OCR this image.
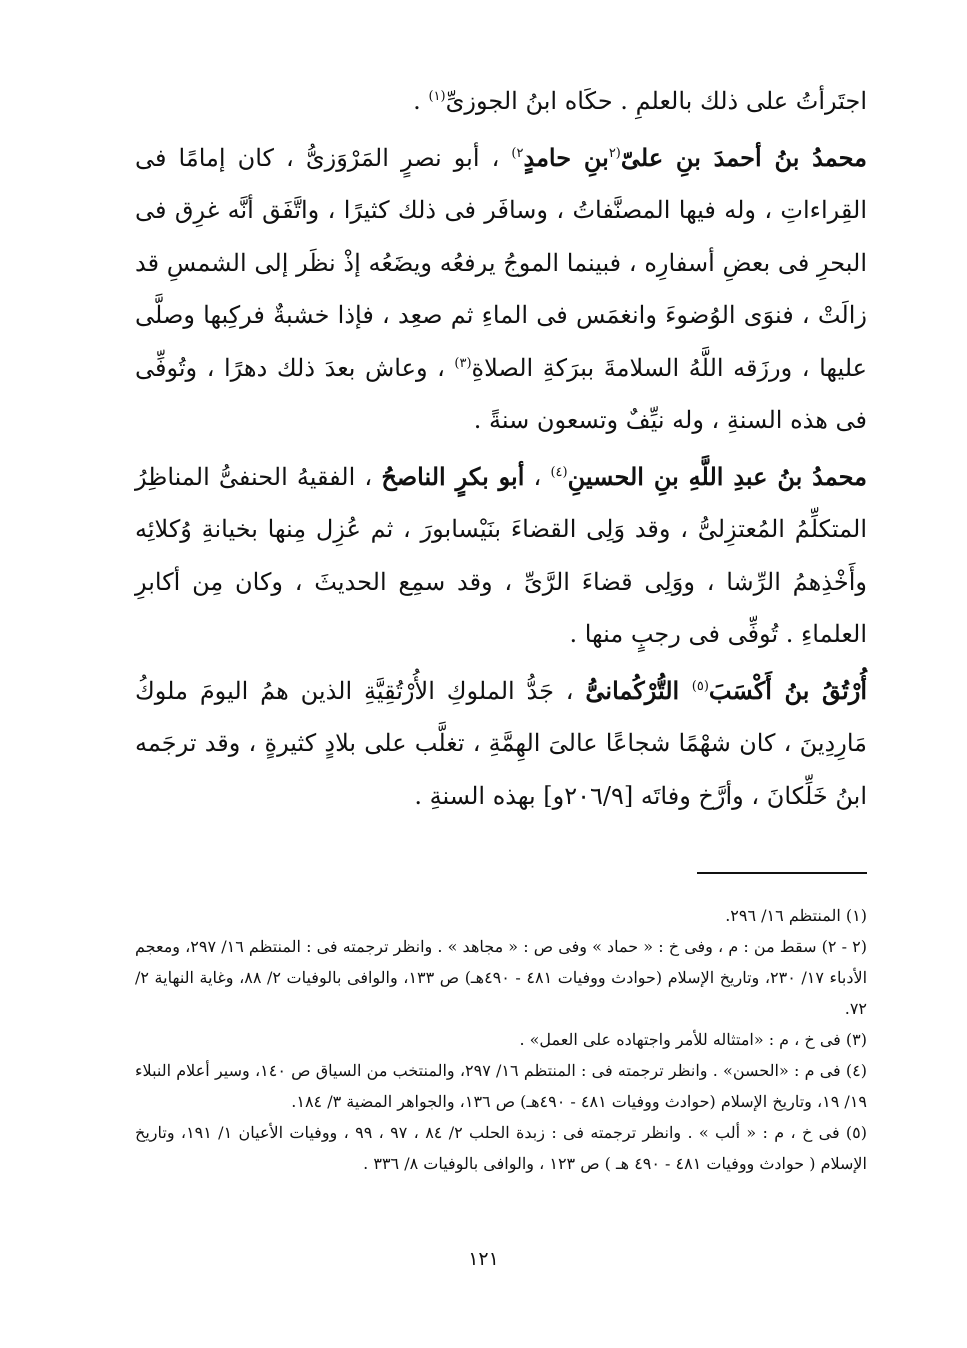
اجتَرأتُ على ذلك بالعلمِ . حكَاه ابنُ الجوزىِّ$^{(١)}$ .

محمدُ بنُ أحمدَ بنِ علىّ$^{(٢}$بنِ حامدٍ$^{٢)}$ ، أبو نصرٍ المَرْوَزىُّ ، كان إمامًا فى القِراءاتِ ، وله فيها المصنَّفاتُ ، وسافَر فى ذلك كثيرًا ، واتَّفَق أنَّه غرِق فى البحرِ فى بعضِ أسفارِه ، فبينما الموجُ يرفعُه ويضَعُه إذْ نظَر إلى الشمسِ قد زالَتْ ، فنوَى الوُضوءَ وانغمَس فى الماءِ ثم صعِد ، فإذا خشبةٌ فركِبها وصلَّى عليها ، ورزَقه اللَّهُ السلامةَ ببرَكةِ الصلاةِ$^{(٣)}$ ، وعاش بعدَ ذلك دهرًا ، وتُوفِّى فى هذه السنةِ ، وله نيِّفٌ وتسعون سنةً .

محمدُ بنُ عبدِ اللَّهِ بنِ الحسينِ$^{(٤)}$ ، أبو بكرٍ الناصحُ ، الفقيهُ الحنفىُّ المناظِرُ المتكلِّمُ المُعتزِلىُّ ، وقد وَلِى القضاءَ بنَيْسابورَ ، ثم عُزِل مِنها بخيانةِ وُكلائِه وأَخْذِهمُ الرِّشا ، ووَلِى قضاءَ الرَّىِّ ، وقد سمِع الحديثَ ، وكان مِن أكابرِ العلماءِ . تُوفِّى فى رجبٍ منها .

أُرْتُقُ بنُ أَكْسَبَ$^{(٥)}$ التُّرْكُمانىُّ ، جَدُّ الملوكِ الأُرْتُقِيَّةِ الذين همُ اليومَ ملوكُ مَارِدِينَ ، كان شهْمًا شجاعًا عالىَ الهِمَّةِ ، تغلَّب على بلادٍ كثيرةٍ ، وقد ترجَمه ابنُ خَلِّكانَ ، وأرَّخ وفاتَه [٢٠٦/٩و] بهذه السنةِ .

(١) المنتظم ١٦/ ٢٩٦.

(٢ - ٢) سقط من : م ، وفى خ : « حماد » وفى ص : « مجاهد » . وانظر ترجمته فى : المنتظم ١٦/ ٢٩٧، ومعجم الأدباء ١٧/ ٢٣٠، وتاريخ الإسلام (حوادث ووفيات ٤٨١ - ٤٩٠هـ) ص ١٣٣، والوافى بالوفيات ٢/ ٨٨، وغاية النهاية ٢/ ٧٢.

(٣) فى خ ، م : «امتثاله للأمر واجتهاده على العمل» .

(٤) فى م : «الحسن» . وانظر ترجمته فى : المنتظم ١٦/ ٢٩٧، والمنتخب من السياق ص ١٤٠، وسير أعلام النبلاء ١٩/ ١٩، وتاريخ الإسلام (حوادث ووفيات ٤٨١ - ٤٩٠هـ) ص ١٣٦، والجواهر المضية ٣/ ١٨٤.

(٥) فى خ ، م : « ألب » . وانظر ترجمته فى : زبدة الحلب ٢/ ٨٤ ، ٩٧ ، ٩٩ ، ووفيات الأعيان ١/ ١٩١، وتاريخ الإسلام ( حوادث ووفيات ٤٨١ - ٤٩٠ هـ ) ص ١٢٣ ، والوافى بالوفيات ٨/ ٣٣٦ .

١٢١
